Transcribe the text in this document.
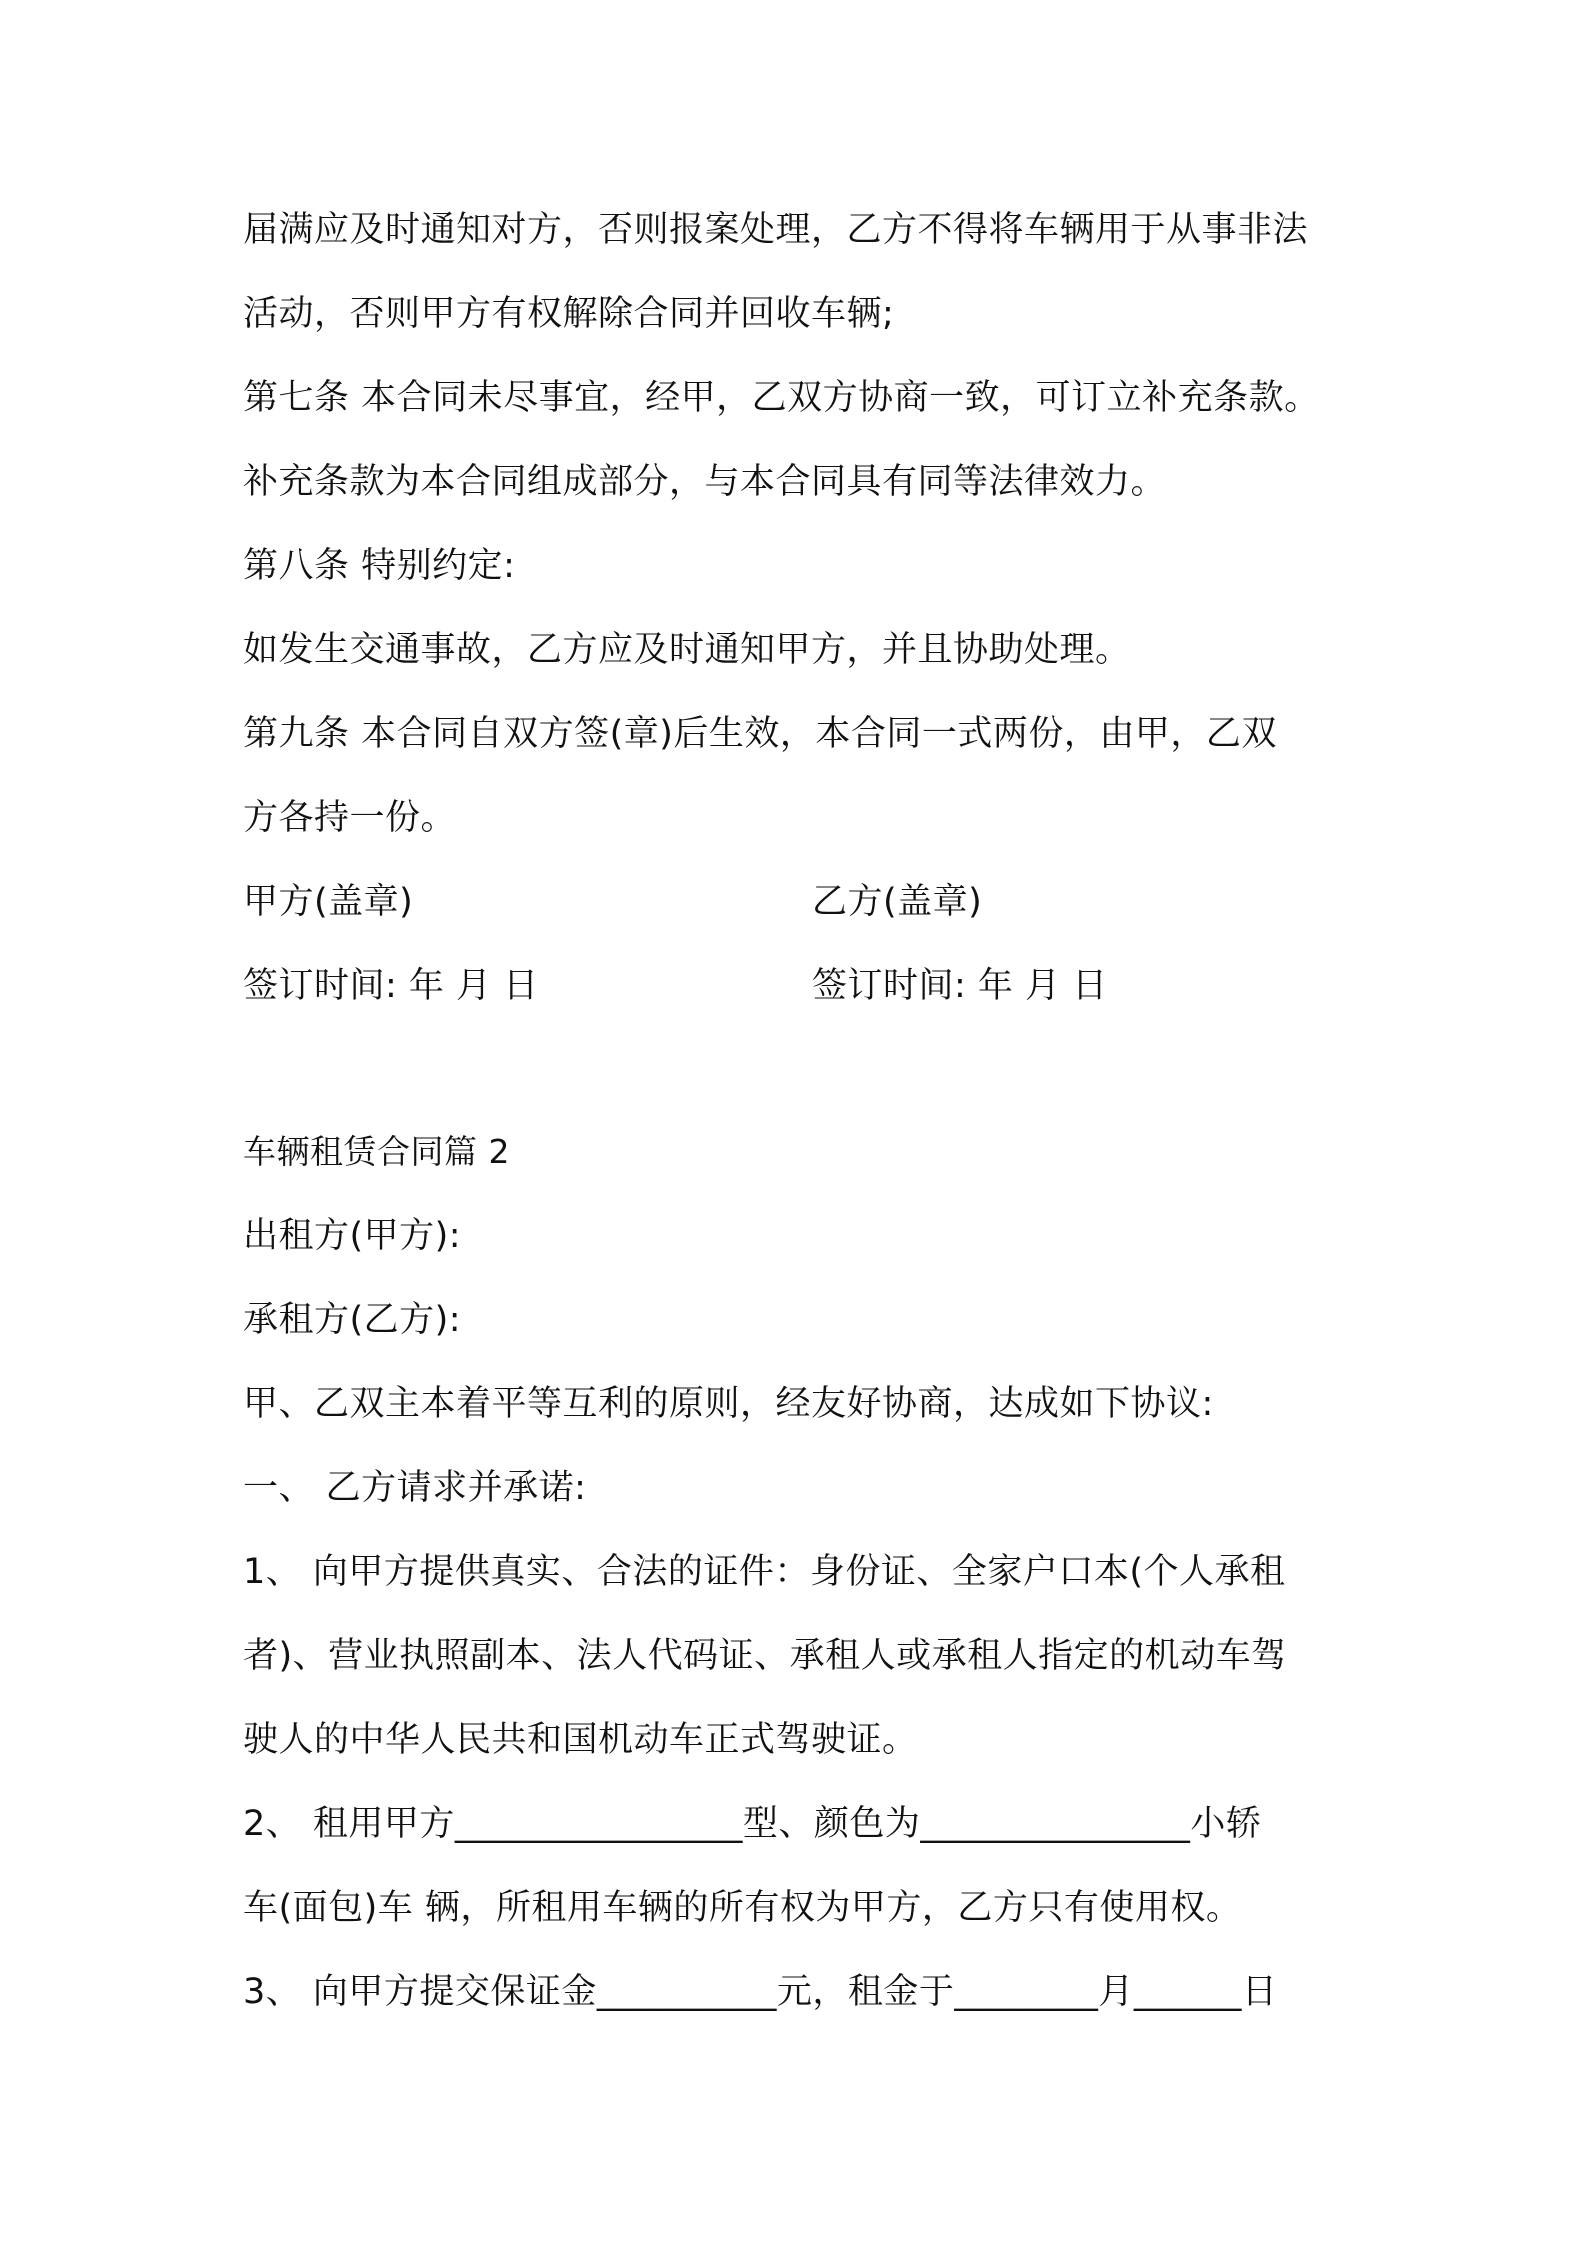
届满应及时通知对方，否则报案处理，乙方不得将车辆用于从事非法
活动，否则甲方有权解除合同并回收车辆;
第七条 本合同未尽事宜，经甲，乙双方协商一致，可订立补充条款。
补充条款为本合同组成部分，与本合同具有同等法律效力。
第八条 特别约定:
如发生交通事故，乙方应及时通知甲方，并且协助处理。
第九条 本合同自双方签(章)后生效，本合同一式两份，由甲，乙双
方各持一份。
甲方(盖章)	乙方(盖章)
签订时间: 年 月 日	签订时间: 年 月 日
车辆租赁合同篇 2
出租方(甲方):
承租方(乙方):
甲、乙双主本着平等互利的原则，经友好协商，达成如下协议:
一、 乙方请求并承诺:
1、 向甲方提供真实、合法的证件：身份证、全家户口本(个人承租
者)、营业执照副本、法人代码证、承租人或承租人指定的机动车驾
驶人的中华人民共和国机动车正式驾驶证。
2、 租用甲方________________型、颜色为_______________小轿
车(面包)车 辆，所租用车辆的所有权为甲方，乙方只有使用权。
3、 向甲方提交保证金__________元，租金于________月______日
